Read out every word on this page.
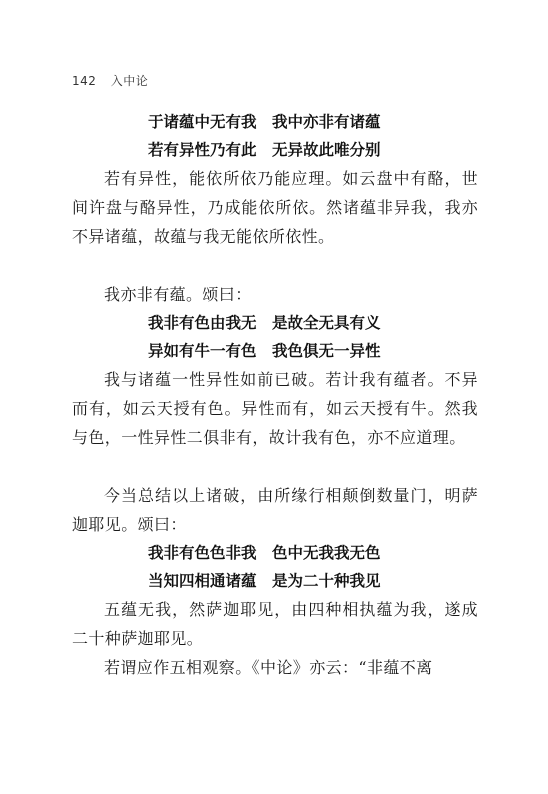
142 入中论
于诸蕴中无有我　我中亦非有诸蕴
若有异性乃有此　无异故此唯分别
若有异性，能依所依乃能应理。如云盘中有酪，世间许盘与酪异性，乃成能依所依。然诸蕴非异我，我亦不异诸蕴，故蕴与我无能依所依性。
我亦非有蕴。颂曰：
我非有色由我无　是故全无具有义
异如有牛一有色　我色俱无一异性
我与诸蕴一性异性如前已破。若计我有蕴者。不异而有，如云天授有色。异性而有，如云天授有牛。然我与色，一性异性二俱非有，故计我有色，亦不应道理。
今当总结以上诸破，由所缘行相颠倒数量门，明萨迦耶见。颂曰：
我非有色色非我　色中无我我无色
当知四相通诸蕴　是为二十种我见
五蕴无我，然萨迦耶见，由四种相执蕴为我，遂成二十种萨迦耶见。
若谓应作五相观察。《中论》亦云：“非蕴不离
